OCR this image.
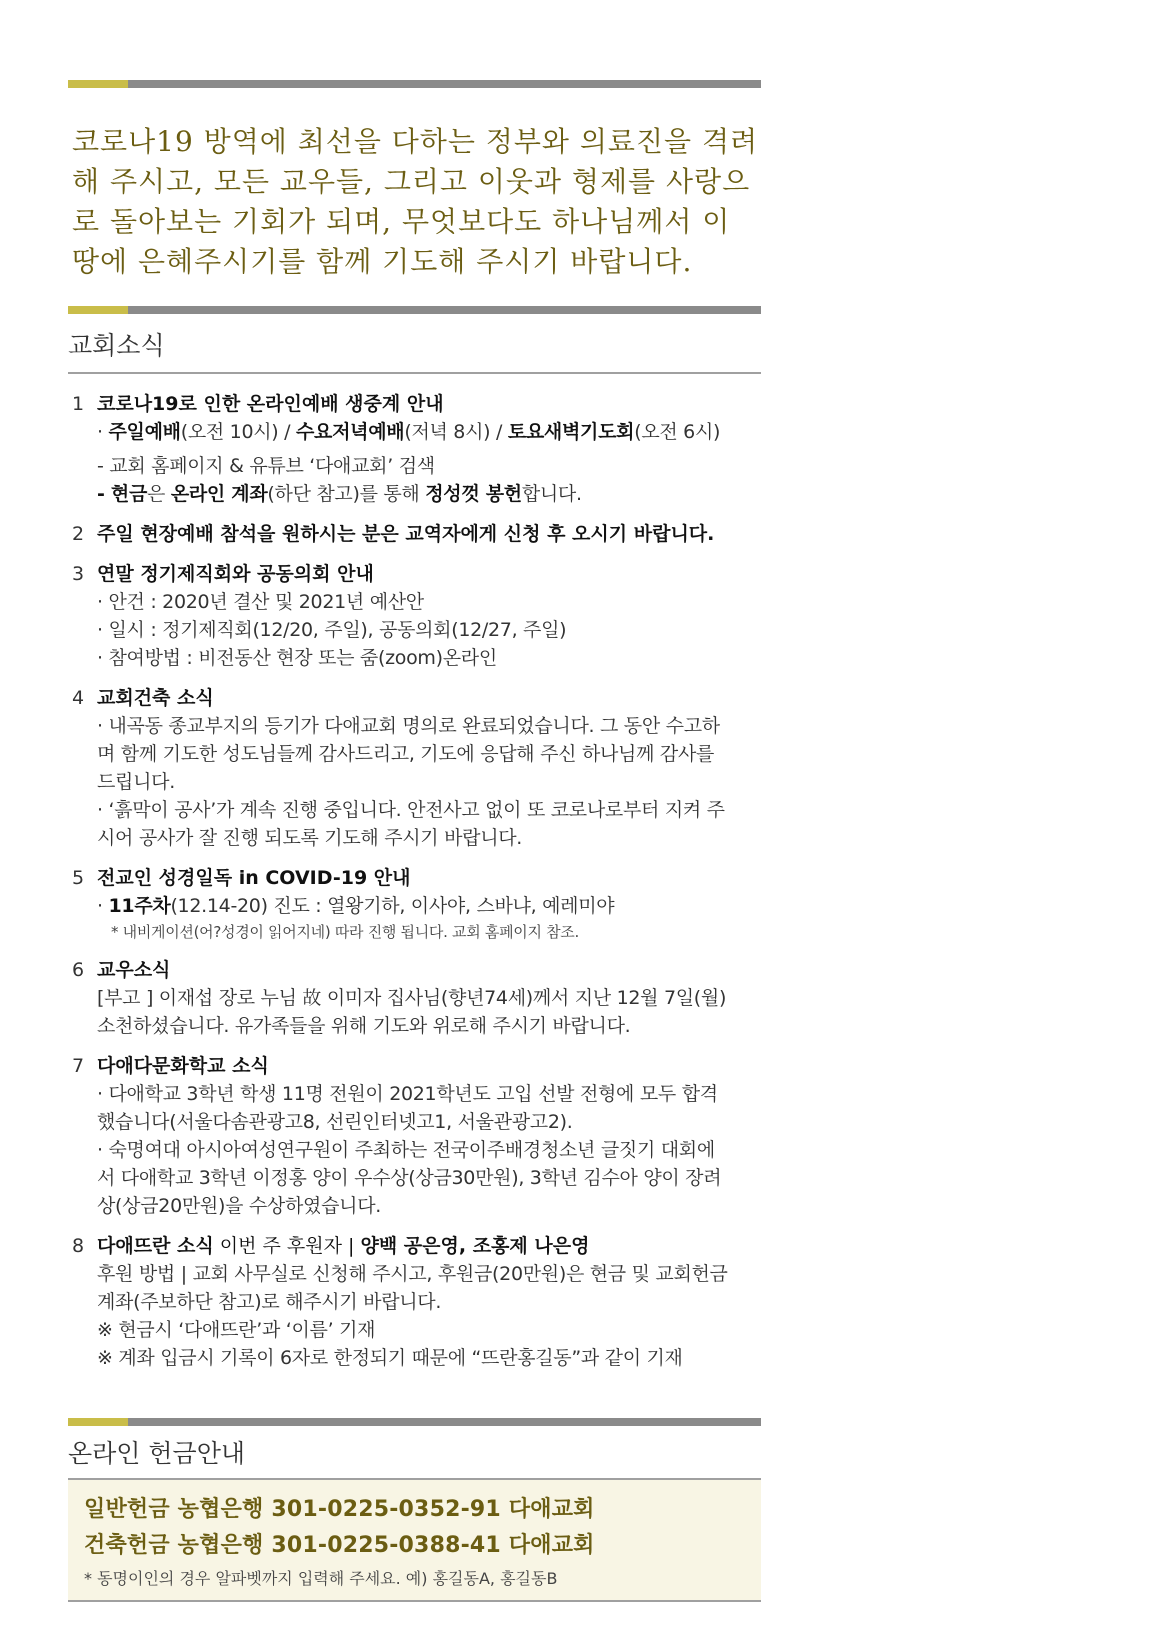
코로나19 방역에 최선을 다하는 정부와 의료진을 격려
해 주시고, 모든 교우들, 그리고 이웃과 형제를 사랑으
로 돌아보는 기회가 되며, 무엇보다도 하나님께서 이
땅에 은혜주시기를 함께 기도해 주시기 바랍니다.
교회소식
1 코로나19로 인한 온라인예배 생중계 안내
· 주일예배(오전 10시) / 수요저녁예배(저녁 8시) / 토요새벽기도회(오전 6시)
- 교회 홈페이지 & 유튜브 ‘다애교회’ 검색
- 현금은 온라인 계좌(하단 참고)를 통해 정성껏 봉헌합니다.
2 주일 현장예배 참석을 원하시는 분은 교역자에게 신청 후 오시기 바랍니다.
3 연말 정기제직회와 공동의회 안내
· 안건 : 2020년 결산 및 2021년 예산안
· 일시 : 정기제직회(12/20, 주일), 공동의회(12/27, 주일)
· 참여방법 : 비전동산 현장 또는 줌(zoom)온라인
4 교회건축 소식
· 내곡동 종교부지의 등기가 다애교회 명의로 완료되었습니다. 그 동안 수고하
며 함께 기도한 성도님들께 감사드리고, 기도에 응답해 주신 하나님께 감사를
드립니다.
· ‘흙막이 공사’가 계속 진행 중입니다. 안전사고 없이 또 코로나로부터 지켜 주
시어 공사가 잘 진행 되도록 기도해 주시기 바랍니다.
5 전교인 성경일독 in COVID-19 안내
· 11주차(12.14-20) 진도 : 열왕기하, 이사야, 스바냐, 예레미야
* 내비게이션(어?성경이 읽어지네) 따라 진행 됩니다. 교회 홈페이지 참조.
6 교우소식
[부고 ] 이재섭 장로 누님 故 이미자 집사님(향년74세)께서 지난 12월 7일(월)
소천하셨습니다. 유가족들을 위해 기도와 위로해 주시기 바랍니다.
7 다애다문화학교 소식
· 다애학교 3학년 학생 11명 전원이 2021학년도 고입 선발 전형에 모두 합격
했습니다(서울다솜관광고8, 선린인터넷고1, 서울관광고2).
· 숙명여대 아시아여성연구원이 주최하는 전국이주배경청소년 글짓기 대회에
서 다애학교 3학년 이정홍 양이 우수상(상금30만원), 3학년 김수아 양이 장려
상(상금20만원)을 수상하였습니다.
8 다애뜨란 소식 이번 주 후원자 | 양백 공은영, 조홍제 나은영
후원 방법 | 교회 사무실로 신청해 주시고, 후원금(20만원)은 현금 및 교회헌금
계좌(주보하단 참고)로 해주시기 바랍니다.
※ 현금시 ‘다애뜨란’과 ‘이름’ 기재
※ 계좌 입금시 기록이 6자로 한정되기 때문에 “뜨란홍길동”과 같이 기재
온라인 헌금안내
일반헌금 농협은행 301-0225-0352-91 다애교회
건축헌금 농협은행 301-0225-0388-41 다애교회
* 동명이인의 경우 알파벳까지 입력해 주세요. 예) 홍길동A, 홍길동B
